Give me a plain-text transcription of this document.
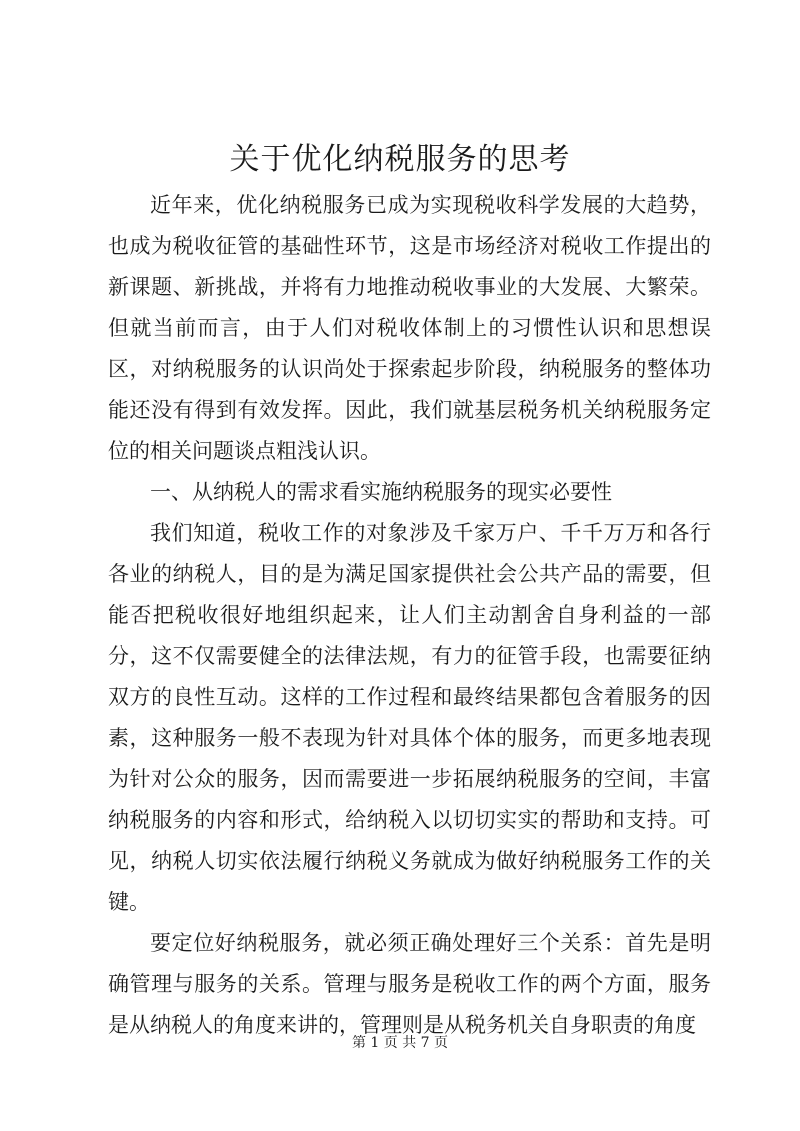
关于优化纳税服务的思考

近年来，优化纳税服务已成为实现税收科学发展的大趋势，也成为税收征管的基础性环节，这是市场经济对税收工作提出的新课题、新挑战，并将有力地推动税收事业的大发展、大繁荣。但就当前而言，由于人们对税收体制上的习惯性认识和思想误区，对纳税服务的认识尚处于探索起步阶段，纳税服务的整体功能还没有得到有效发挥。因此，我们就基层税务机关纳税服务定位的相关问题谈点粗浅认识。

一、从纳税人的需求看实施纳税服务的现实必要性

我们知道，税收工作的对象涉及千家万户、千千万万和各行各业的纳税人，目的是为满足国家提供社会公共产品的需要，但能否把税收很好地组织起来，让人们主动割舍自身利益的一部分，这不仅需要健全的法律法规，有力的征管手段，也需要征纳双方的良性互动。这样的工作过程和最终结果都包含着服务的因素，这种服务一般不表现为针对具体个体的服务，而更多地表现为针对公众的服务，因而需要进一步拓展纳税服务的空间，丰富纳税服务的内容和形式，给纳税入以切切实实的帮助和支持。可见，纳税人切实依法履行纳税义务就成为做好纳税服务工作的关键。

要定位好纳税服务，就必须正确处理好三个关系：首先是明确管理与服务的关系。管理与服务是税收工作的两个方面，服务是从纳税人的角度来讲的，管理则是从税务机关自身职责的角度

第 1 页 共 7 页
